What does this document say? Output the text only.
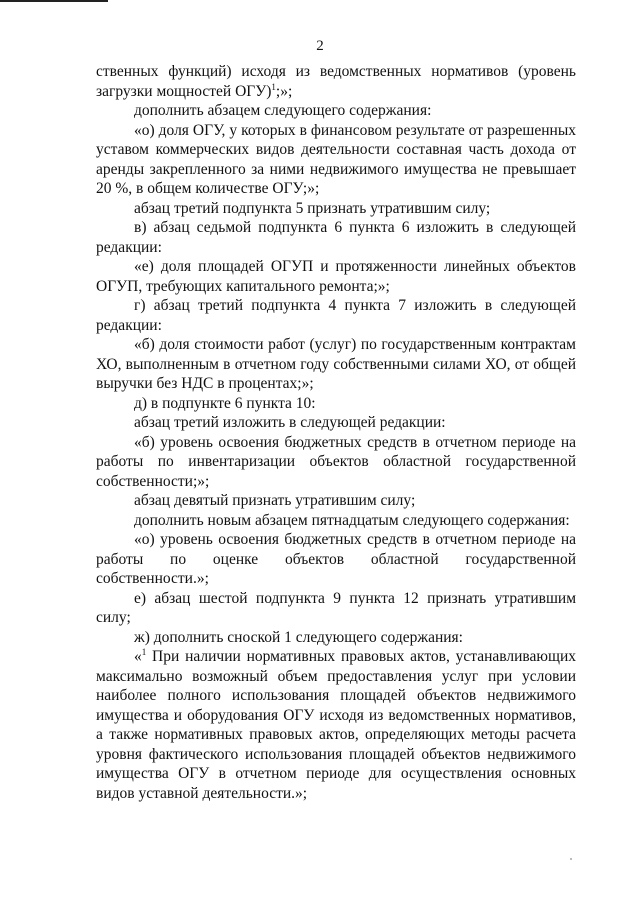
2

ственных функций) исходя из ведомственных нормативов (уровень загрузки мощностей ОГУ)$^1$;»;

дополнить абзацем следующего содержания:

«о) доля ОГУ, у которых в финансовом результате от разрешенных уставом коммерческих видов деятельности составная часть дохода от аренды закрепленного за ними недвижимого имущества не превышает 20 %, в общем количестве ОГУ;»;

абзац третий подпункта 5 признать утратившим силу;

в) абзац седьмой подпункта 6 пункта 6 изложить в следующей редакции:

«е) доля площадей ОГУП и протяженности линейных объектов ОГУП, требующих капитального ремонта;»;

г) абзац третий подпункта 4 пункта 7 изложить в следующей редакции:

«б) доля стоимости работ (услуг) по государственным контрактам ХО, выполненным в отчетном году собственными силами ХО, от общей выручки без НДС в процентах;»;

д) в подпункте 6 пункта 10:

абзац третий изложить в следующей редакции:

«б) уровень освоения бюджетных средств в отчетном периоде на работы по инвентаризации объектов областной государственной собственности;»;

абзац девятый признать утратившим силу;

дополнить новым абзацем пятнадцатым следующего содержания:

«о) уровень освоения бюджетных средств в отчетном периоде на работы по оценке объектов областной государственной собственности.»;

е) абзац шестой подпункта 9 пункта 12 признать утратившим силу;

ж) дополнить сноской 1 следующего содержания:

«$^1$ При наличии нормативных правовых актов, устанавливающих максимально возможный объем предоставления услуг при условии наиболее полного использования площадей объектов недвижимого имущества и оборудования ОГУ исходя из ведомственных нормативов, а также нормативных правовых актов, определяющих методы расчета уровня фактического использования площадей объектов недвижимого имущества ОГУ в отчетном периоде для осуществления основных видов уставной деятельности.»;
